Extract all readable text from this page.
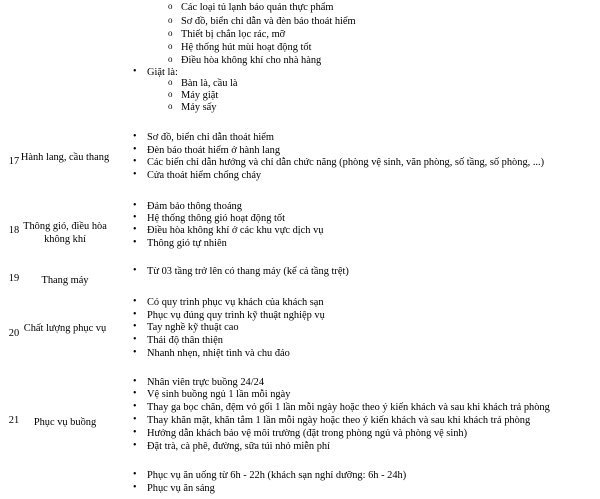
o Các loại tủ lạnh bảo quản thực phẩm
o Sơ đồ, biển chỉ dẫn và đèn báo thoát hiểm
o Thiết bị chắn lọc rác, mỡ
o Hệ thống hút mùi hoạt động tốt
o Điều hòa không khí cho nhà hàng
• Giặt là:
o Bàn là, cầu là
o Máy giặt
o Máy sấy
17 Hành lang, cầu thang
• Sơ đồ, biển chỉ dẫn thoát hiểm
• Đèn báo thoát hiểm ở hành lang
• Các biển chỉ dẫn hướng và chỉ dẫn chức năng (phòng vệ sinh, văn phòng, số tầng, số phòng, ...)
• Cửa thoát hiểm chống cháy
18 Thông gió, điều hòa không khí
• Đảm bảo thông thoáng
• Hệ thống thông gió hoạt động tốt
• Điều hòa không khí ở các khu vực dịch vụ
• Thông gió tự nhiên
19	Thang máy
• Từ 03 tầng trở lên có thang máy (kể cả tầng trệt)
20 Chất lượng phục vụ
• Có quy trình phục vụ khách của khách sạn
• Phục vụ đúng quy trình kỹ thuật nghiệp vụ
• Tay nghề kỹ thuật cao
• Thái độ thân thiện
• Nhanh nhẹn, nhiệt tình và chu đáo
21	Phục vụ buồng
• Nhân viên trực buồng 24/24
• Vệ sinh buồng ngủ 1 lần mỗi ngày
• Thay ga bọc chăn, đệm vỏ gối 1 lần mỗi ngày hoặc theo ý kiến khách và sau khi khách trả phòng
• Thay khăn mặt, khăn tắm 1 lần mỗi ngày hoặc theo ý kiến khách và sau khi khách trả phòng
• Hướng dẫn khách bảo vệ môi trường (đặt trong phòng ngủ và phòng vệ sinh)
• Đặt trà, cà phê, đường, sữa túi nhỏ miễn phí
• Phục vụ ăn uống từ 6h - 22h (khách sạn nghỉ dưỡng: 6h - 24h)
• Phục vụ ăn sáng
